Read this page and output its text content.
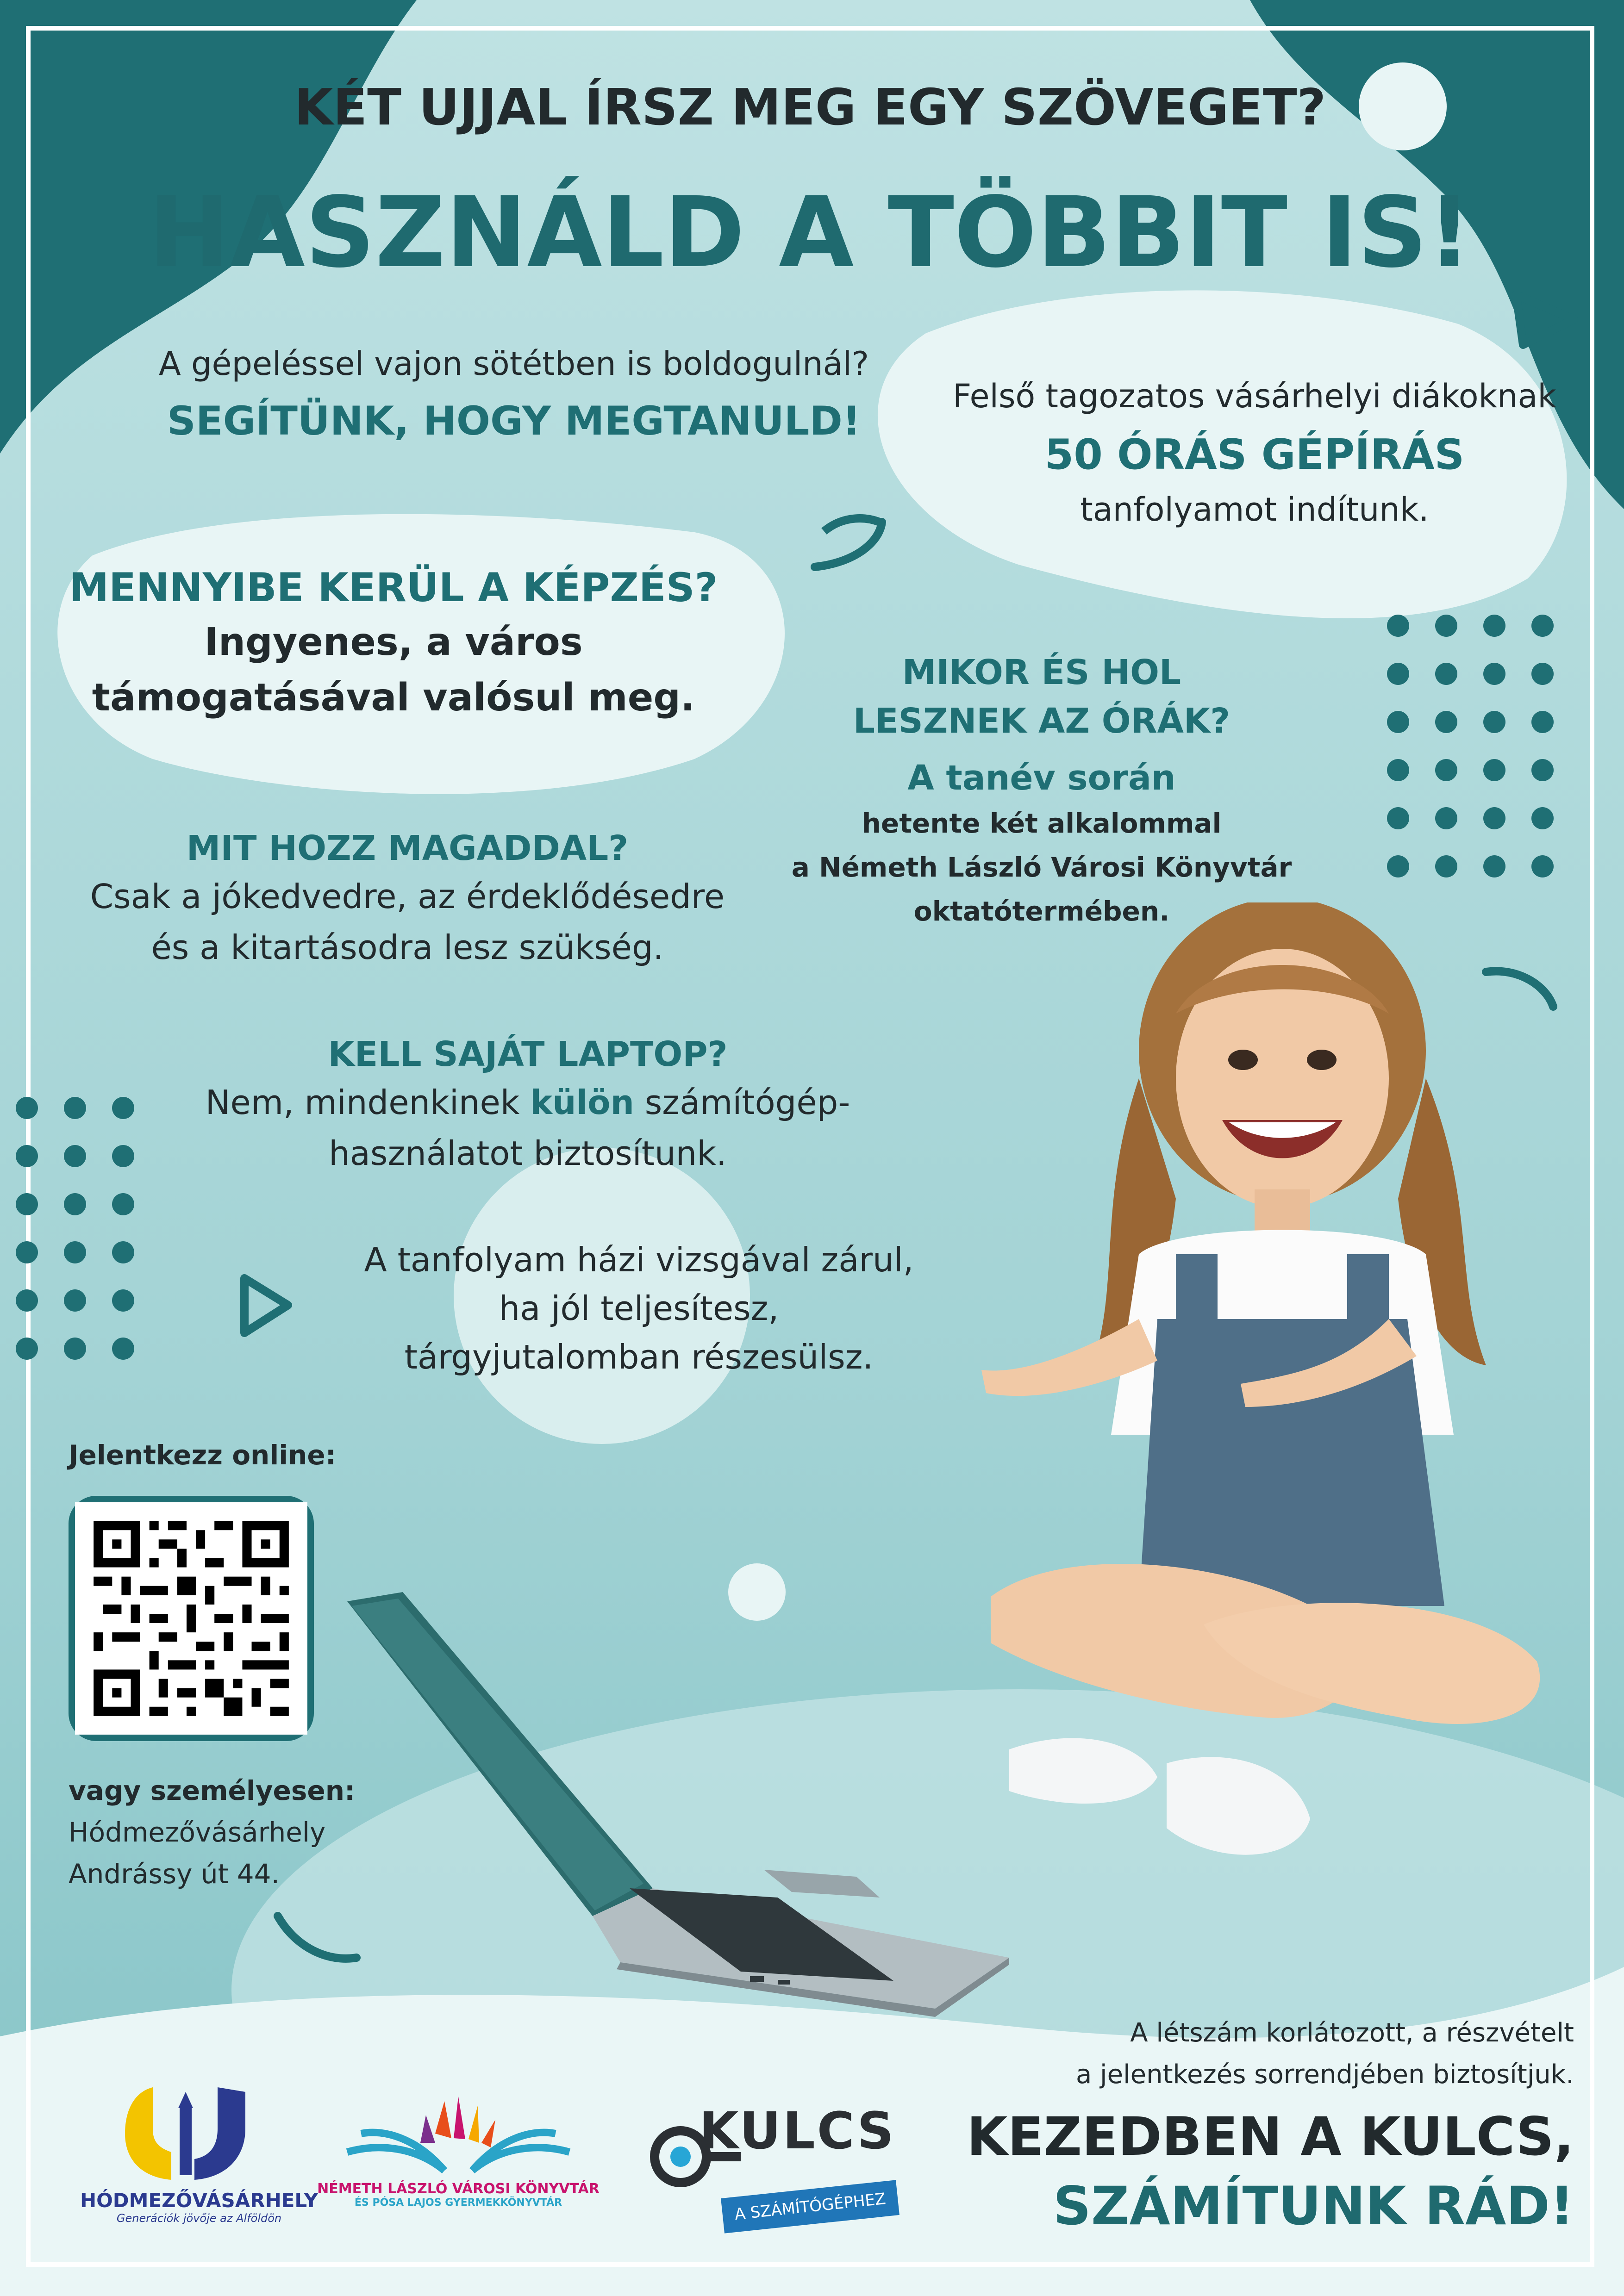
KÉT UJJAL ÍRSZ MEG EGY SZÖVEGET?
HASZNÁLD A TÖBBIT IS!
A gépeléssel vajon sötétben is boldogulnál?
SEGÍTÜNK, HOGY MEGTANULD!
Felső tagozatos vásárhelyi diákoknak
50 ÓRÁS GÉPÍRÁS
tanfolyamot indítunk.
MENNYIBE KERÜL A KÉPZÉS?
Ingyenes, a város
támogatásával valósul meg.
MIKOR ÉS HOL
LESZNEK AZ ÓRÁK?
A tanév során
hetente két alkalommal
a Németh László Városi Könyvtár
oktatótermében.
MIT HOZZ MAGADDAL?
Csak a jókedvedre, az érdeklődésedre
és a kitartásodra lesz szükség.
KELL SAJÁT LAPTOP?
Nem, mindenkinek külön számítógép-
használatot biztosítunk.
A tanfolyam házi vizsgával zárul,
ha jól teljesítesz,
tárgyjutalomban részesülsz.
Jelentkezz online:
vagy személyesen:
Hódmezővásárhely
Andrássy út 44.
A létszám korlátozott, a részvételt
a jelentkezés sorrendjében biztosítjuk.
KEZEDBEN A KULCS,
SZÁMÍTUNK RÁD!
HÓDMEZŐVÁSÁRHELY
Generációk jövője az Alföldön
NÉMETH LÁSZLÓ VÁROSI KÖNYVTÁR
ÉS PÓSA LAJOS GYERMEKKÖNYVTÁR
KULCS
A SZÁMÍTÓGÉPHEZ
